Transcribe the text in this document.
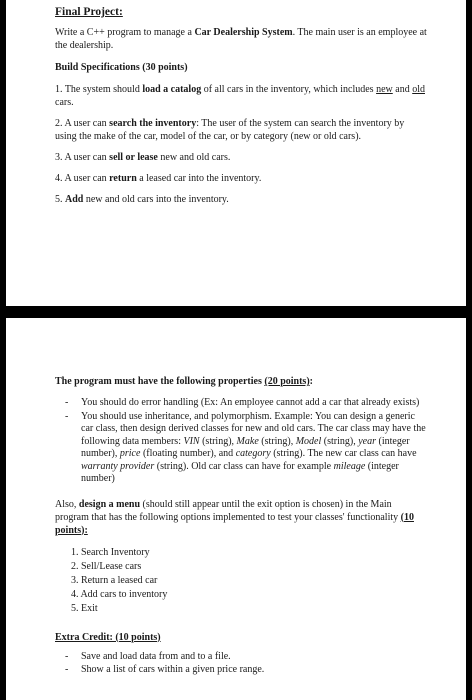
Final Project:
Write a C++ program to manage a Car Dealership System. The main user is an employee at the dealership.
Build Specifications (30 points)
1. The system should load a catalog of all cars in the inventory, which includes new and old cars.
2. A user can search the inventory: The user of the system can search the inventory by using the make of the car, model of the car, or by category (new or old cars).
3. A user can sell or lease new and old cars.
4. A user can return a leased car into the inventory.
5. Add new and old cars into the inventory.
The program must have the following properties (20 points):
- You should do error handling (Ex: An employee cannot add a car that already exists)
- You should use inheritance, and polymorphism. Example: You can design a generic car class, then design derived classes for new and old cars. The car class may have the following data members: VIN (string), Make (string), Model (string), year (integer number), price (floating number), and category (string). The new car class can have warranty provider (string). Old car class can have for example mileage (integer number)
Also, design a menu (should still appear until the exit option is chosen) in the Main program that has the following options implemented to test your classes' functionality (10 points):
1. Search Inventory
2. Sell/Lease cars
3. Return a leased car
4. Add cars to inventory
5. Exit
Extra Credit: (10 points)
- Save and load data from and to a file.
- Show a list of cars within a given price range.
